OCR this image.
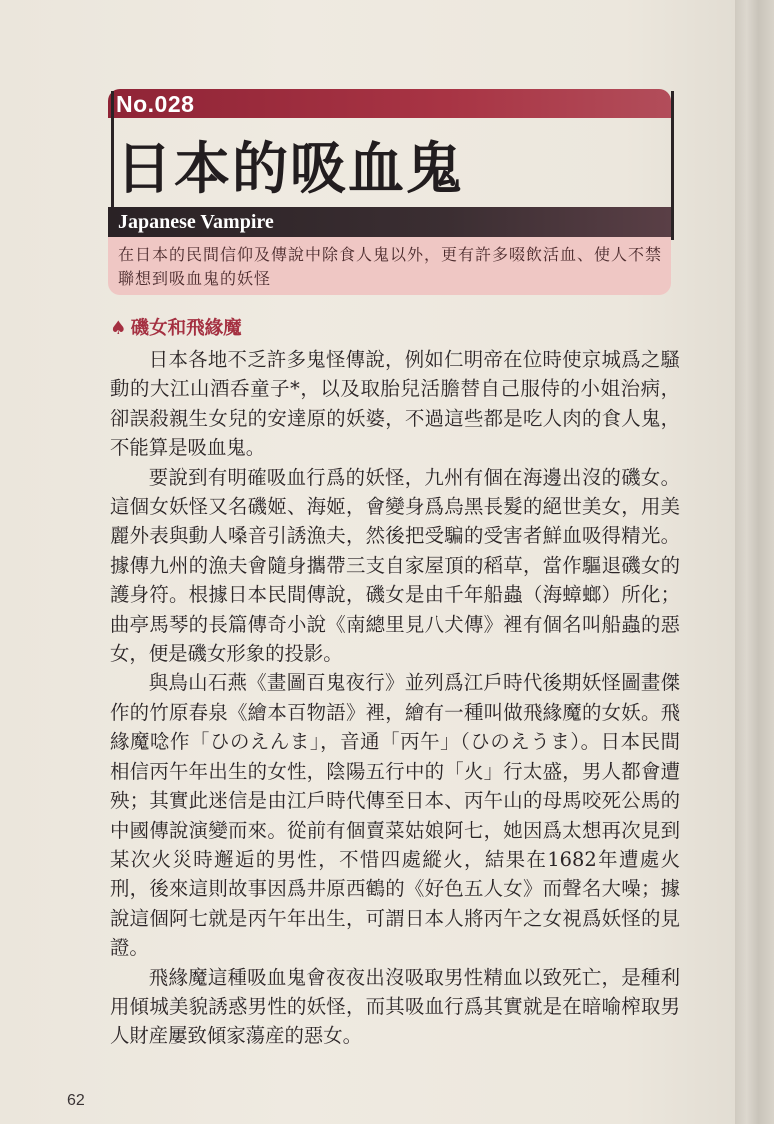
No.028
日本的吸血鬼
Japanese Vampire
在日本的民間信仰及傳說中除食人鬼以外，更有許多啜飲活血、使人不禁聯想到吸血鬼的妖怪
♠ 磯女和飛緣魔

日本各地不乏許多鬼怪傳說，例如仁明帝在位時使京城爲之騷動的大江山酒呑童子*，以及取胎兒活膽替自己服侍的小姐治病，卻誤殺親生女兒的安達原的妖婆，不過這些都是吃人肉的食人鬼，不能算是吸血鬼。

要說到有明確吸血行爲的妖怪，九州有個在海邊出沒的磯女。這個女妖怪又名磯姬、海姬，會變身爲烏黑長髮的絕世美女，用美麗外表與動人嗓音引誘漁夫，然後把受騙的受害者鮮血吸得精光。據傳九州的漁夫會隨身攜帶三支自家屋頂的稻草，當作驅退磯女的護身符。根據日本民間傳說，磯女是由千年船蟲（海蟑螂）所化；曲亭馬琴的長篇傳奇小說《南總里見八犬傳》裡有個名叫船蟲的惡女，便是磯女形象的投影。

與鳥山石燕《畫圖百鬼夜行》並列爲江戶時代後期妖怪圖畫傑作的竹原春泉《繪本百物語》裡，繪有一種叫做飛緣魔的女妖。飛緣魔唸作「ひのえんま」，音通「丙午」（ひのえうま）。日本民間相信丙午年出生的女性，陰陽五行中的「火」行太盛，男人都會遭殃；其實此迷信是由江戶時代傳至日本、丙午山的母馬咬死公馬的中國傳說演變而來。從前有個賣菜姑娘阿七，她因爲太想再次見到某次火災時邂逅的男性，不惜四處縱火，結果在1682年遭處火刑，後來這則故事因爲井原西鶴的《好色五人女》而聲名大噪；據說這個阿七就是丙午年出生，可謂日本人將丙午之女視爲妖怪的見證。

飛緣魔這種吸血鬼會夜夜出沒吸取男性精血以致死亡，是種利用傾城美貌誘惑男性的妖怪，而其吸血行爲其實就是在暗喻榨取男人財産屢致傾家蕩産的惡女。

62
